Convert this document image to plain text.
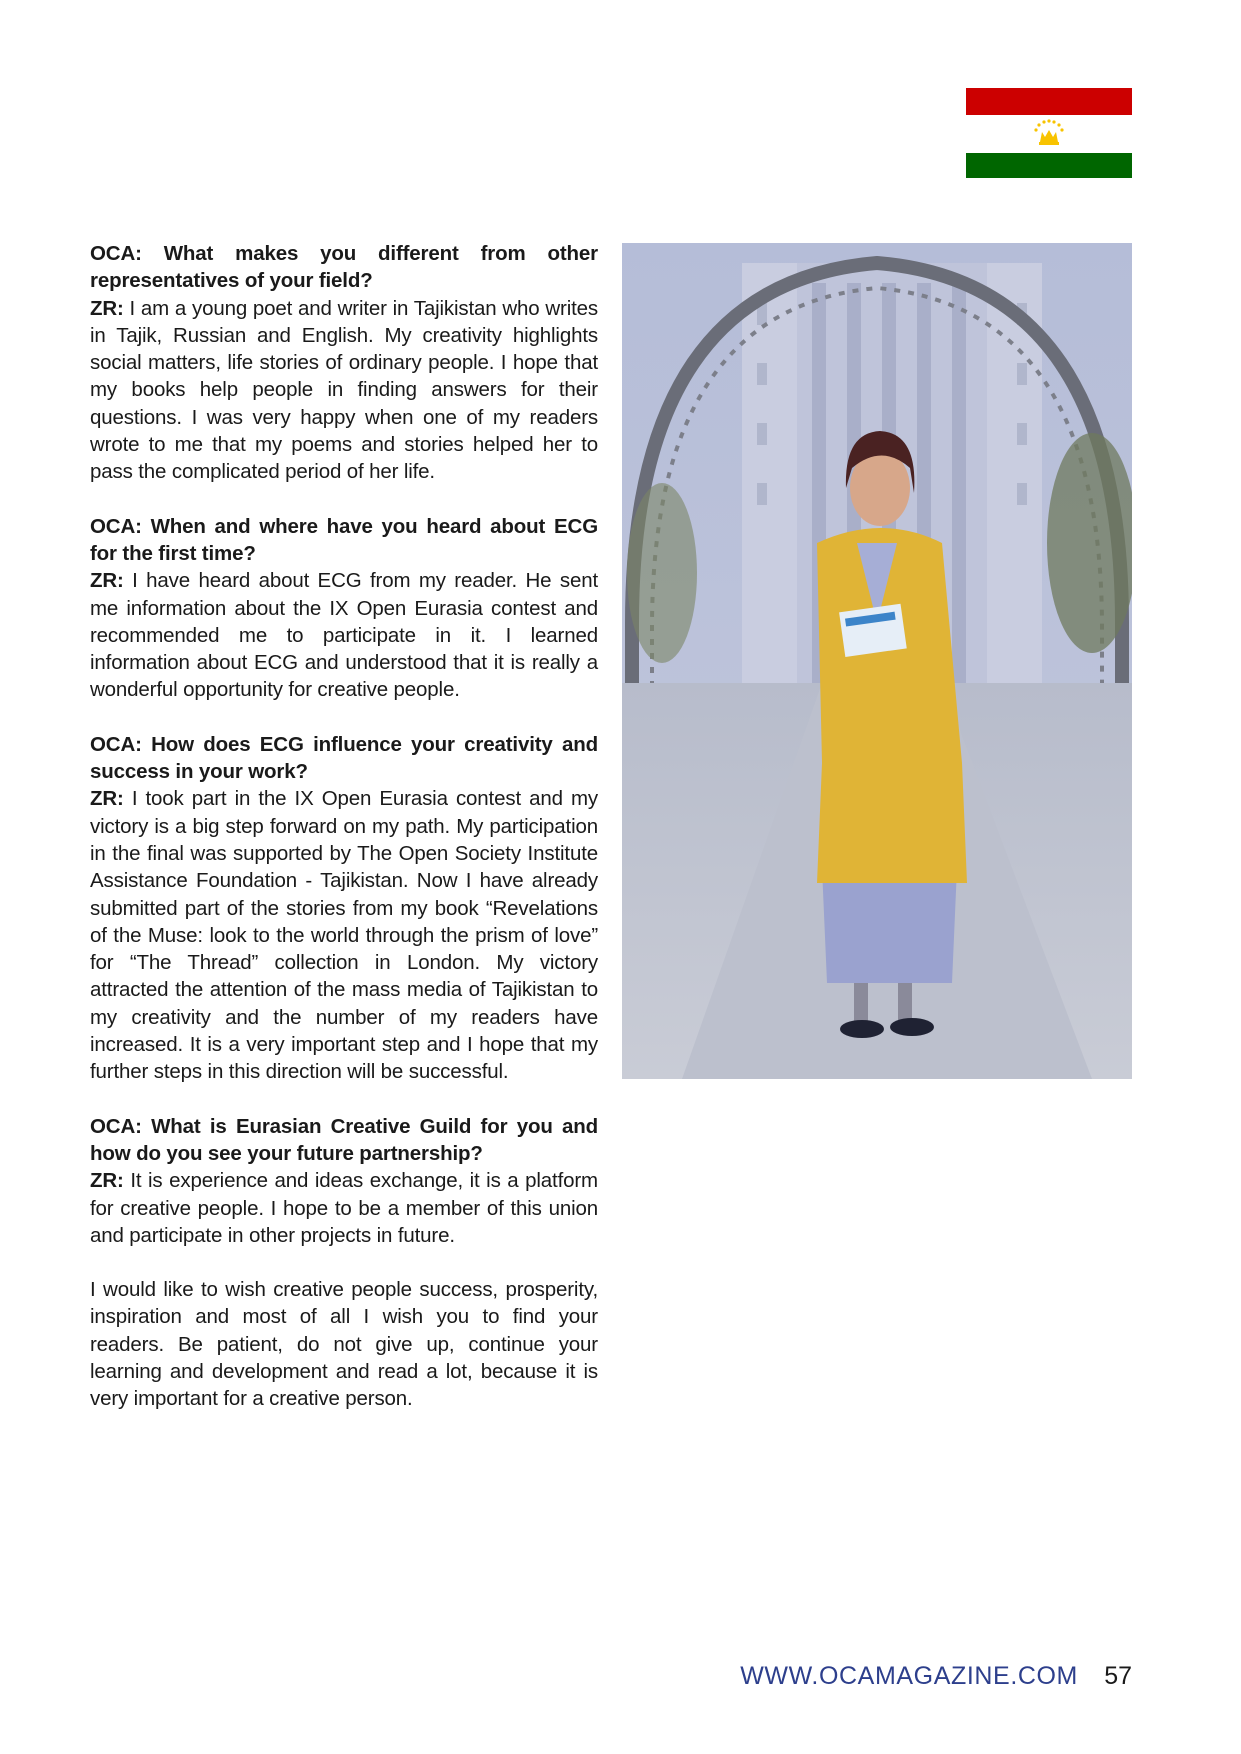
OCA: What makes you different from other representatives of your field?
ZR: I am a young poet and writer in Tajikistan who writes in Tajik, Russian and English. My creativity highlights social matters, life stories of ordinary people. I hope that my books help people in finding answers for their questions. I was very happy when one of my readers wrote to me that my poems and stories helped her to pass the complicated period of her life.
OCA: When and where have you heard about ECG for the first time?
ZR: I have heard about ECG from my reader. He sent me information about the IX Open Eurasia contest and recommended me to participate in it. I learned information about ECG and understood that it is really a wonderful opportunity for creative people.
OCA: How does ECG influence your creativity and success in your work?
ZR: I took part in the IX Open Eurasia contest and my victory is a big step forward on my path. My participation in the final was supported by The Open Society Institute Assistance Foundation - Tajikistan. Now I have already submitted part of the stories from my book “Revelations of the Muse: look to the world through the prism of love” for “The Thread” collection in London. My victory attracted the attention of the mass media of Tajikistan to my creativity and the number of my readers have increased. It is a very important step and I hope that my further steps in this direction will be successful.
OCA: What is Eurasian Creative Guild for you and how do you see your future partnership?
ZR: It is experience and ideas exchange, it is a platform for creative people. I hope to be a member of this union and participate in other projects in future.

I would like to wish creative people success, prosperity, inspiration and most of all I wish you to find your readers. Be patient, do not give up, continue your learning and development and read a lot, because it is very important for a creative person.

WWW.OCAMAGAZINE.COM 57
